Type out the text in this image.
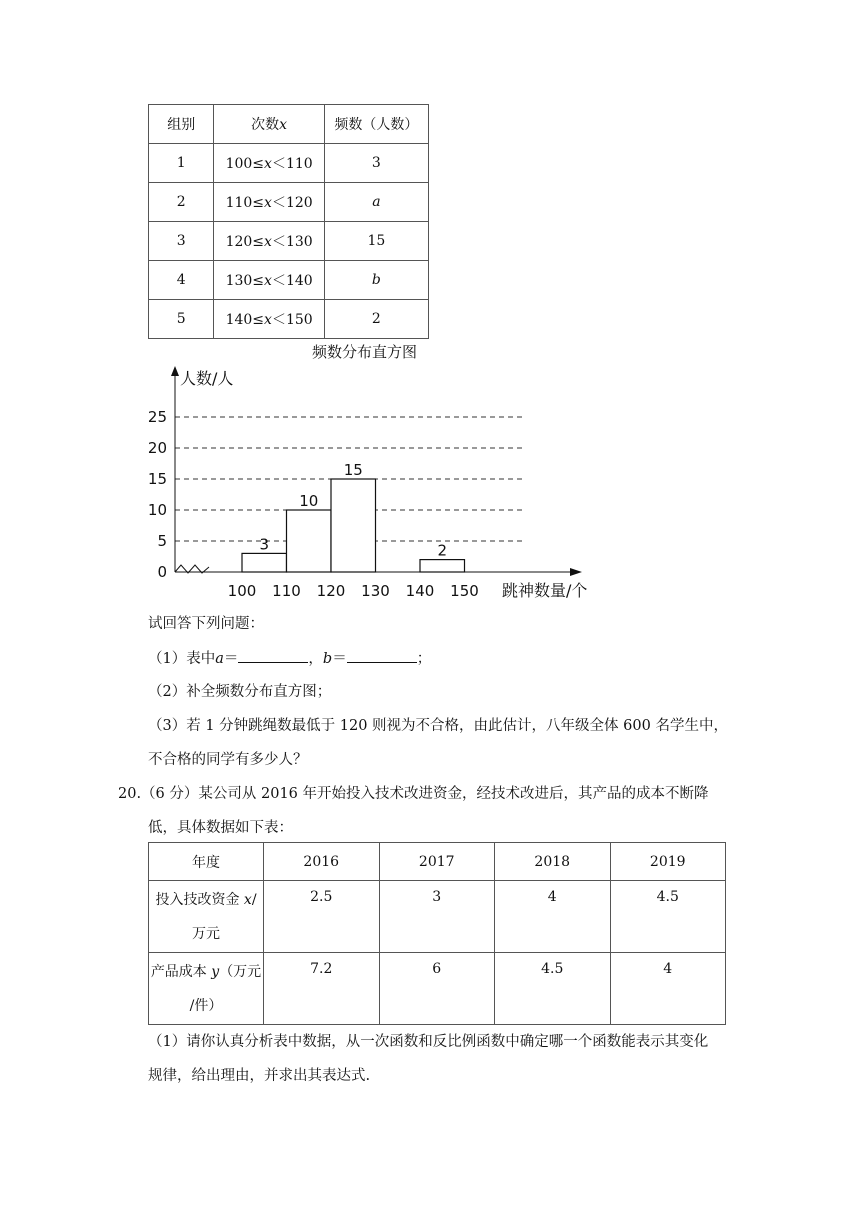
组别	次数x	频数（人数）
1	100≤x＜110	3
2	110≤x＜120	a
3	120≤x＜130	15
4	130≤x＜140	b
5	140≤x＜150	2
频数分布直方图
0
5
10
15
20
25
人数/人
跳神数量/个
100 110 120 130 140 150
3
10
15
2
试回答下列问题：
（1）表中a＝	，b＝	；
（2）补全频数分布直方图；
（3）若 1 分钟跳绳数最低于 120 则视为不合格，由此估计，八年级全体 600 名学生中，
不合格的同学有多少人？
20.（6 分）某公司从 2016 年开始投入技术改进资金，经技术改进后，其产品的成本不断降
低，具体数据如下表：
年度	2016	2017	2018	2019
投入技改资金 x/
万元	2.5	3	4	4.5
产品成本 y（万元
/件）	7.2	6	4.5	4
（1）请你认真分析表中数据，从一次函数和反比例函数中确定哪一个函数能表示其变化
规律，给出理由，并求出其表达式.
